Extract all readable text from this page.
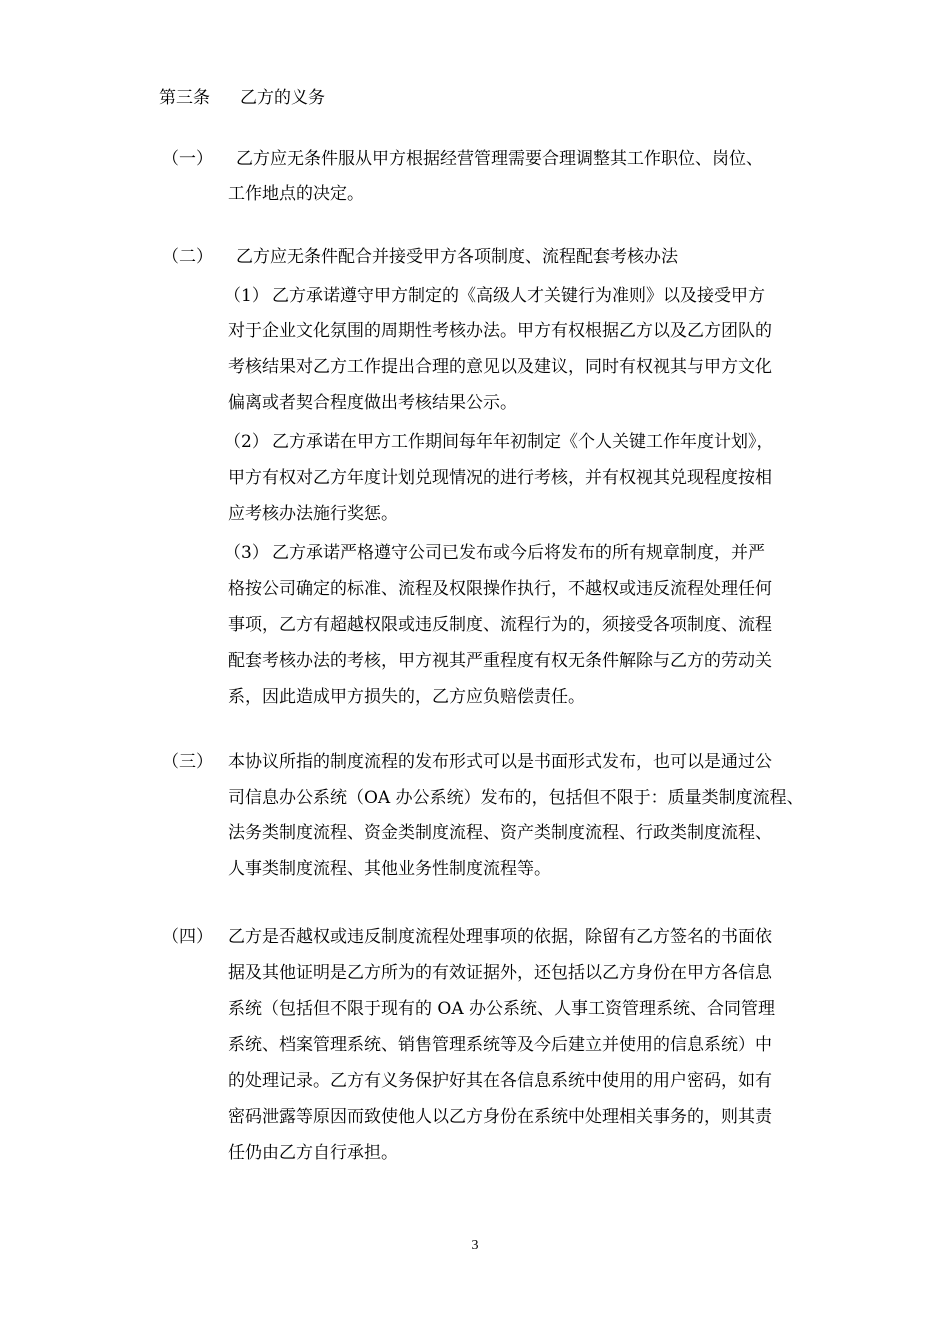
第三条 乙方的义务
（一） 乙方应无条件服从甲方根据经营管理需要合理调整其工作职位、岗位、
工作地点的决定。
（二） 乙方应无条件配合并接受甲方各项制度、流程配套考核办法
（1） 乙方承诺遵守甲方制定的《高级人才关键行为准则》以及接受甲方
对于企业文化氛围的周期性考核办法。甲方有权根据乙方以及乙方团队的
考核结果对乙方工作提出合理的意见以及建议，同时有权视其与甲方文化
偏离或者契合程度做出考核结果公示。
（2） 乙方承诺在甲方工作期间每年年初制定《个人关键工作年度计划》，
甲方有权对乙方年度计划兑现情况的进行考核，并有权视其兑现程度按相
应考核办法施行奖惩。
（3） 乙方承诺严格遵守公司已发布或今后将发布的所有规章制度，并严
格按公司确定的标准、流程及权限操作执行，不越权或违反流程处理任何
事项，乙方有超越权限或违反制度、流程行为的，须接受各项制度、流程
配套考核办法的考核，甲方视其严重程度有权无条件解除与乙方的劳动关
系，因此造成甲方损失的，乙方应负赔偿责任。
（三） 本协议所指的制度流程的发布形式可以是书面形式发布，也可以是通过公
司信息办公系统（OA 办公系统）发布的，包括但不限于：质量类制度流程、
法务类制度流程、资金类制度流程、资产类制度流程、行政类制度流程、
人事类制度流程、其他业务性制度流程等。
（四） 乙方是否越权或违反制度流程处理事项的依据，除留有乙方签名的书面依
据及其他证明是乙方所为的有效证据外，还包括以乙方身份在甲方各信息
系统（包括但不限于现有的 OA 办公系统、人事工资管理系统、合同管理
系统、档案管理系统、销售管理系统等及今后建立并使用的信息系统）中
的处理记录。乙方有义务保护好其在各信息系统中使用的用户密码，如有
密码泄露等原因而致使他人以乙方身份在系统中处理相关事务的，则其责
任仍由乙方自行承担。
3
